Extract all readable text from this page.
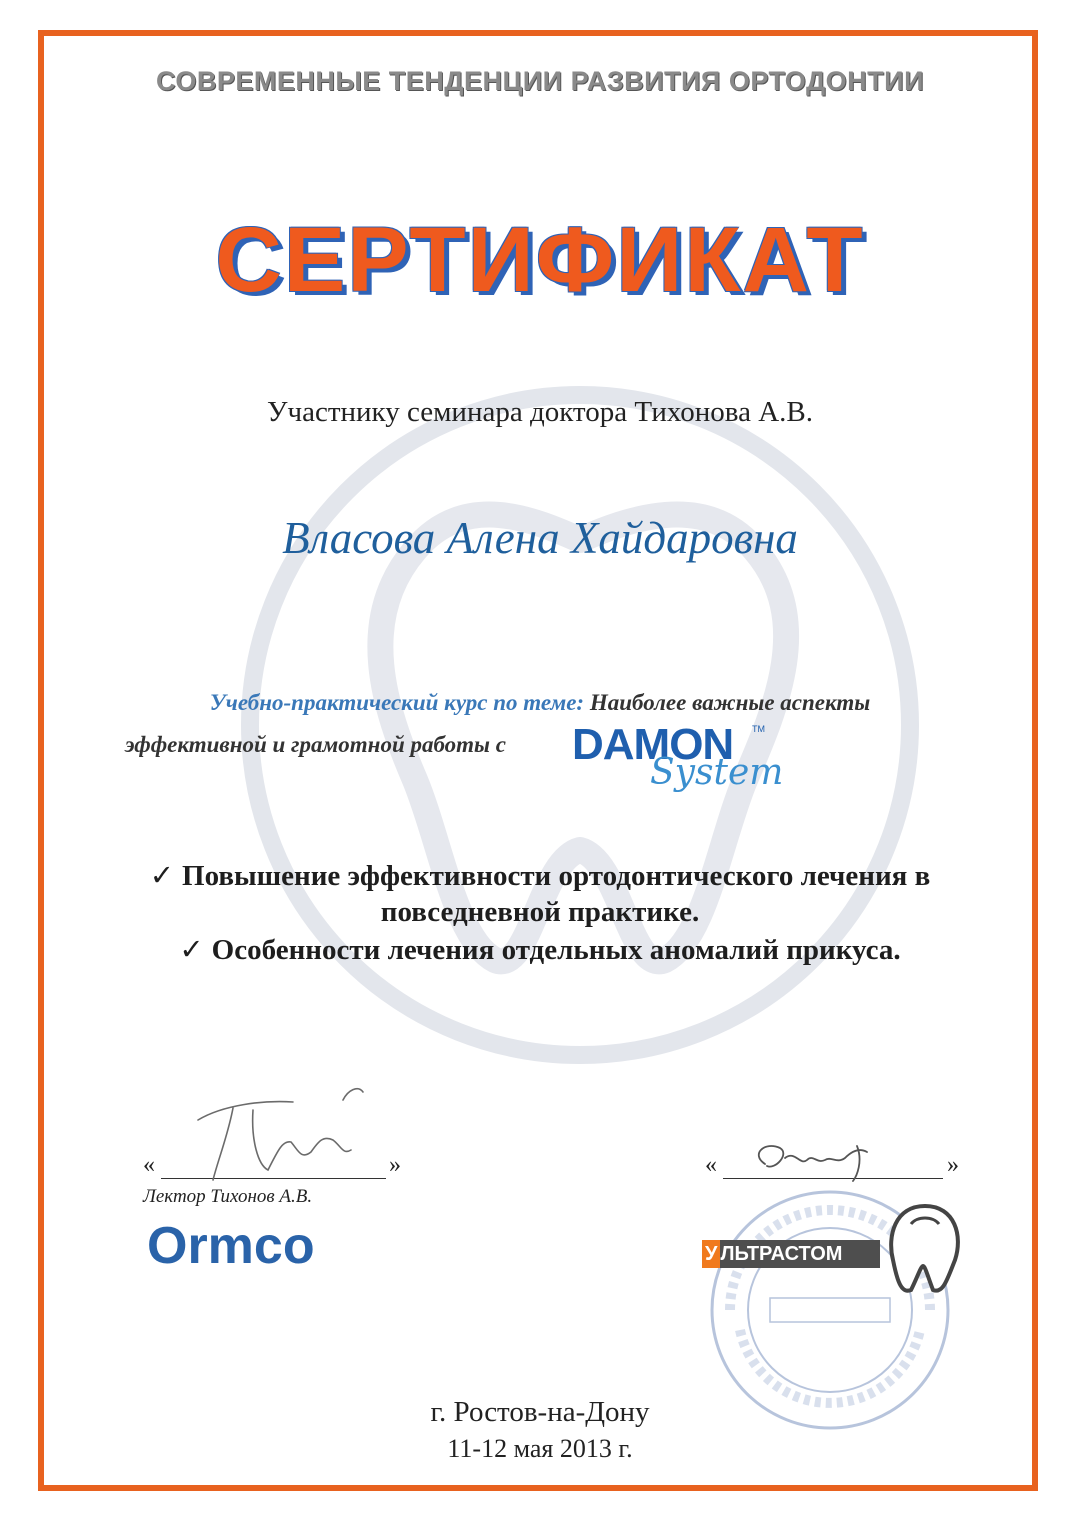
СОВРЕМЕННЫЕ ТЕНДЕНЦИИ РАЗВИТИЯ ОРТОДОНТИИ
СЕРТИФИКАТ
Участнику семинара доктора Тихонова А.В.
Власова Алена Хайдаровна
Учебно-практический курс по теме: Наиболее важные аспекты
эффективной и грамотной работы с DAMON TM
System
✓ Повышение эффективности ортодонтического лечения в
повседневной практике.
✓ Особенности лечения отдельных аномалий прикуса.
«	»
Лектор Тихонов А.В.
Ormco
«	»
У ЛЬТРАСТОМ
г. Ростов-на-Дону
11-12 мая 2013 г.
